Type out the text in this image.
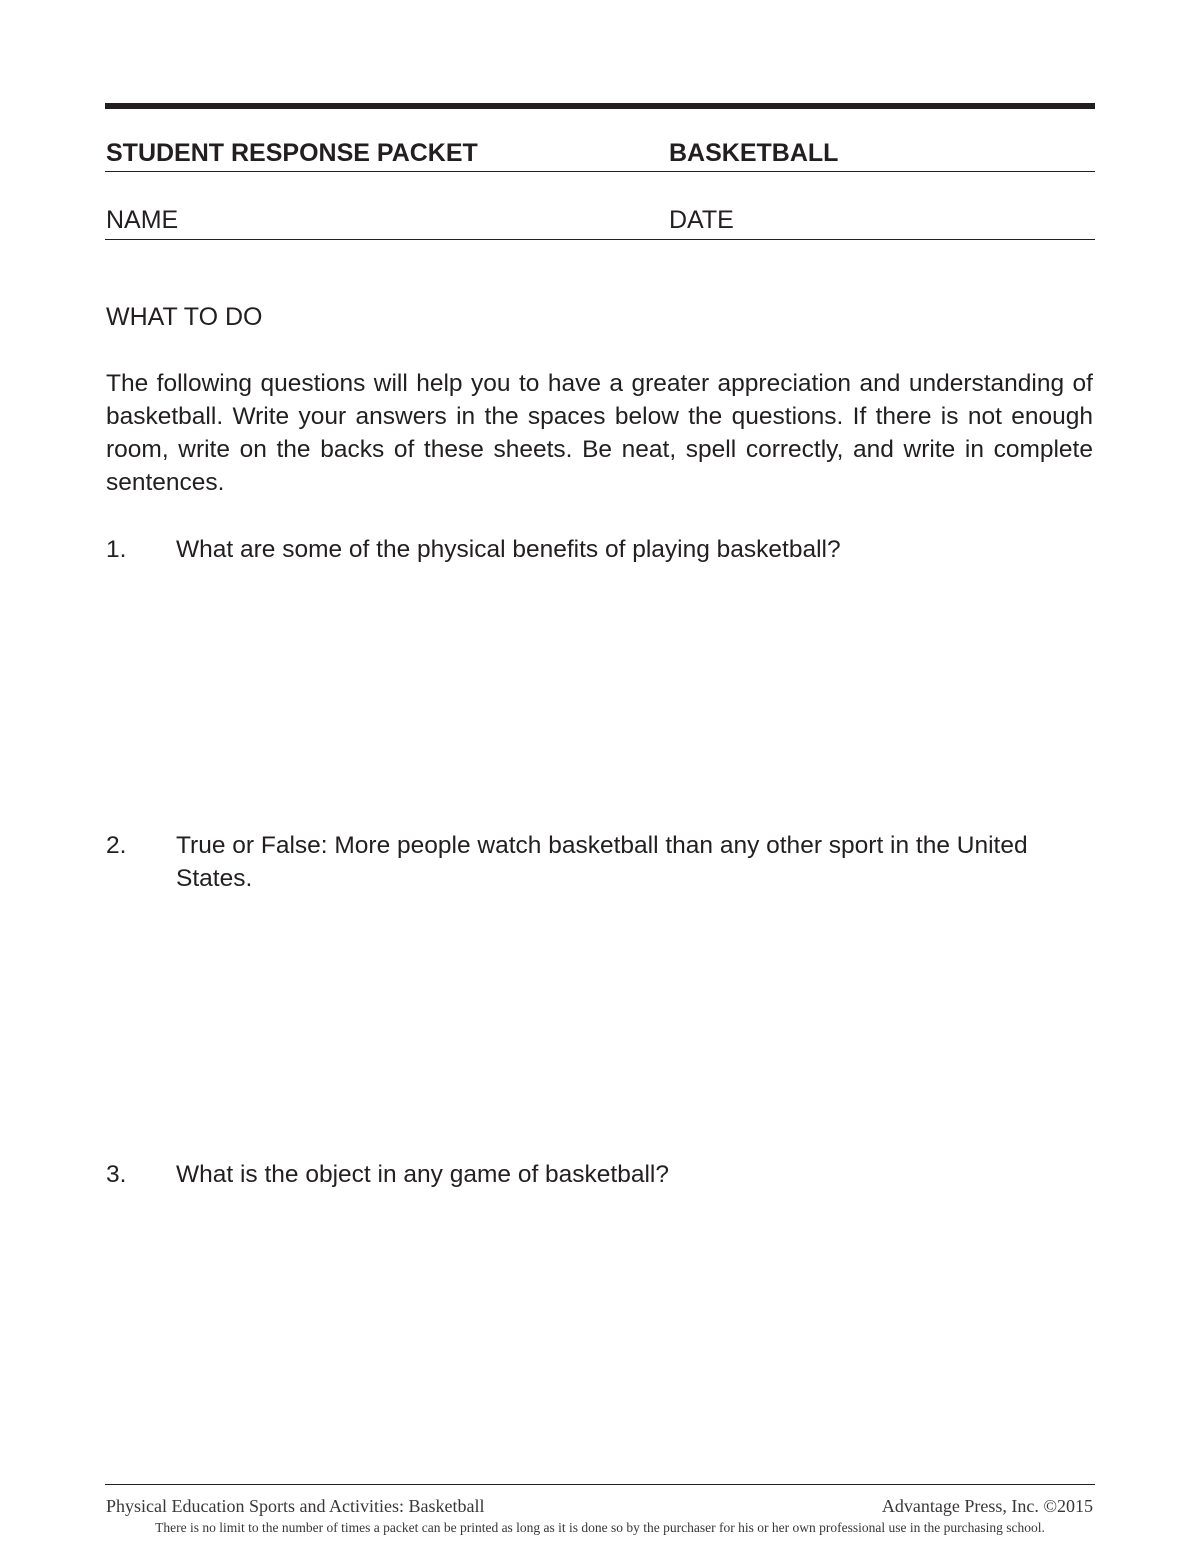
STUDENT RESPONSE PACKET	BASKETBALL
NAME	DATE
WHAT TO DO

The following questions will help you to have a greater appreciation and understanding of basketball. Write your answers in the spaces below the questions. If there is not enough room, write on the backs of these sheets. Be neat, spell correctly, and write in complete sentences.

1. What are some of the physical benefits of playing basketball?

2. True or False: More people watch basketball than any other sport in the United States.

3. What is the object in any game of basketball?

Physical Education Sports and Activities: Basketball	Advantage Press, Inc. ©2015
There is no limit to the number of times a packet can be printed as long as it is done so by the purchaser for his or her own professional use in the purchasing school.
